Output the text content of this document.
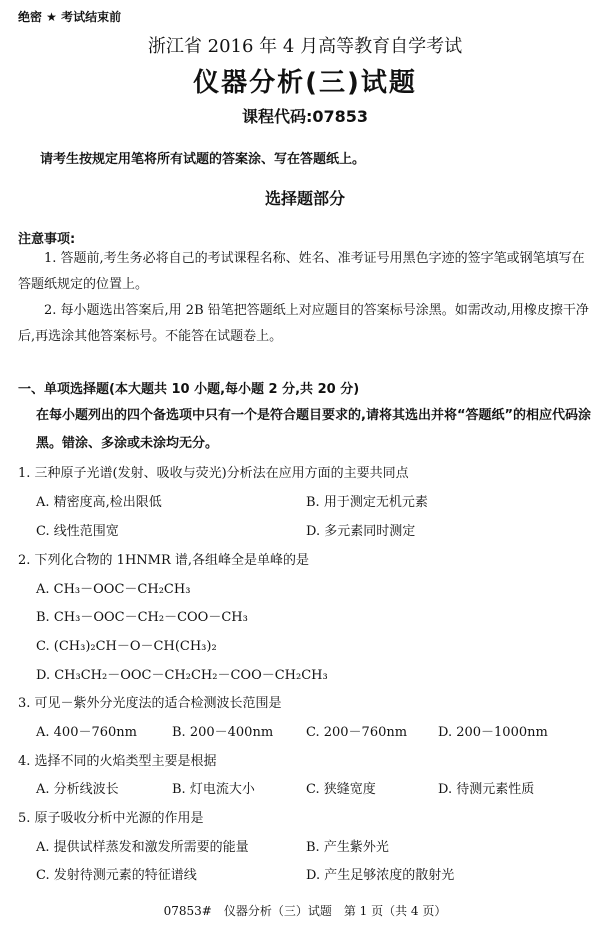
绝密 ★ 考试结束前
浙江省 2016 年 4 月高等教育自学考试
仪器分析(三)试题
课程代码:07853
请考生按规定用笔将所有试题的答案涂、写在答题纸上。
选择题部分
注意事项:
1. 答题前,考生务必将自己的考试课程名称、姓名、准考证号用黑色字迹的签字笔或钢笔填写在答题纸规定的位置上。
2. 每小题选出答案后,用 2B 铅笔把答题纸上对应题目的答案标号涂黑。如需改动,用橡皮擦干净后,再选涂其他答案标号。不能答在试题卷上。
一、单项选择题(本大题共 10 小题,每小题 2 分,共 20 分)
在每小题列出的四个备选项中只有一个是符合题目要求的,请将其选出并将“答题纸”的相应代码涂黑。错涂、多涂或未涂均无分。
1. 三种原子光谱(发射、吸收与荧光)分析法在应用方面的主要共同点
A. 精密度高,检出限低	B. 用于测定无机元素
C. 线性范围宽	D. 多元素同时测定
2. 下列化合物的 1HNMR 谱,各组峰全是单峰的是
A. CH₃－OOC－CH₂CH₃
B. CH₃－OOC－CH₂－COO－CH₃
C. (CH₃)₂CH－O－CH(CH₃)₂
D. CH₃CH₂－OOC－CH₂CH₂－COO－CH₂CH₃
3. 可见－紫外分光度法的适合检测波长范围是
A. 400－760nm	B. 200－400nm	C. 200－760nm D. 200－1000nm
4. 选择不同的火焰类型主要是根据
A. 分析线波长	B. 灯电流大小	C. 狭缝宽度	D. 待测元素性质
5. 原子吸收分析中光源的作用是
A. 提供试样蒸发和激发所需要的能量	B. 产生紫外光
C. 发射待测元素的特征谱线	D. 产生足够浓度的散射光
07853#　仪器分析（三）试题　第 1 页（共 4 页）
